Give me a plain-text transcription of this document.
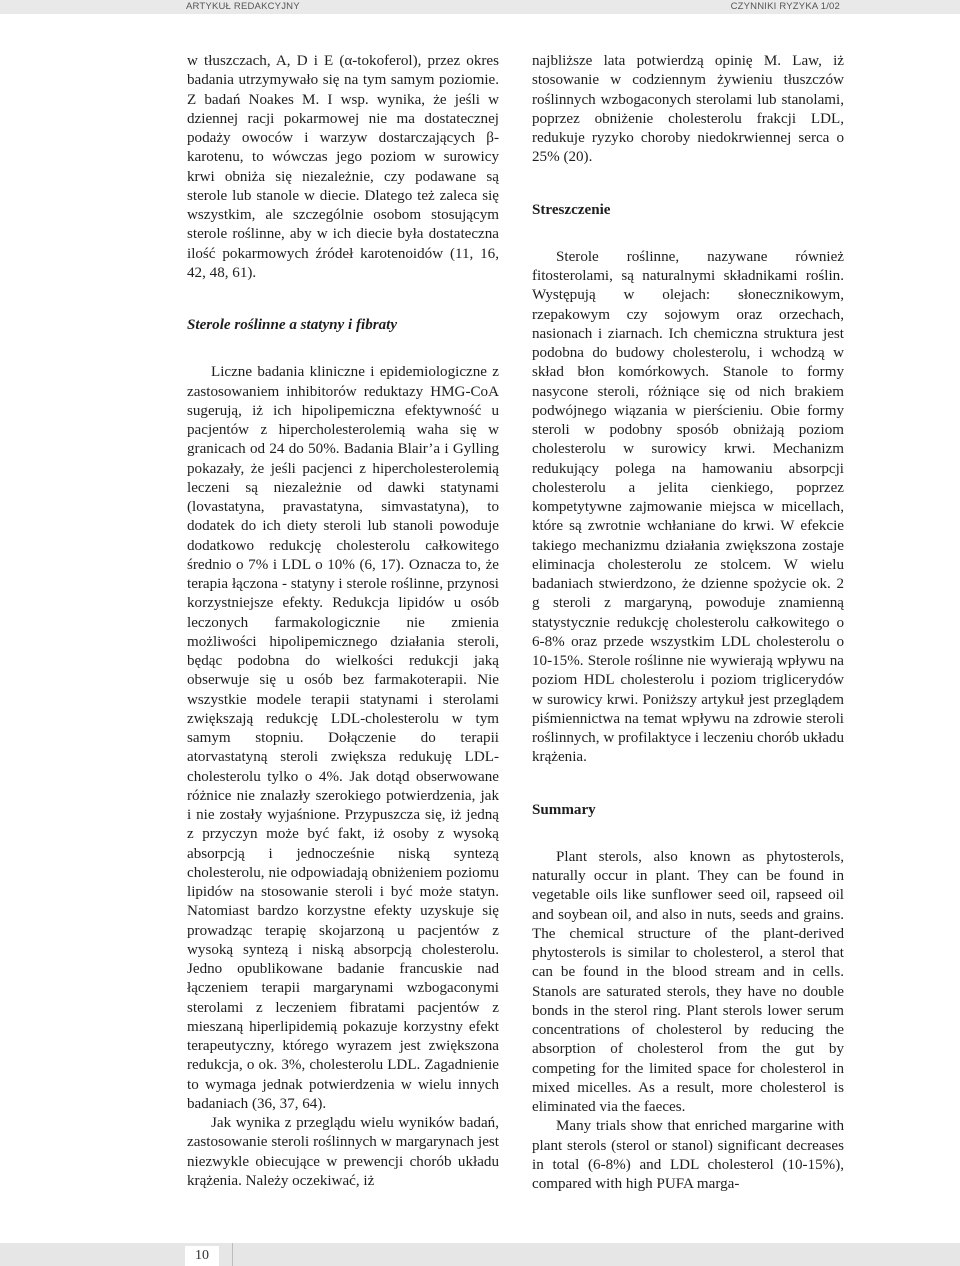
ARTYKUŁ REDAKCYJNY	CZYNNIKI RYZYKA 1/02

w tłuszczach, A, D i E (α-tokoferol), przez okres badania utrzymywało się na tym samym poziomie. Z badań Noakes M. I wsp. wynika, że jeśli w dziennej racji pokarmowej nie ma dostatecznej podaży owoców i warzyw dostarczających β-karotenu, to wówczas jego poziom w surowicy krwi obniża się niezależnie, czy podawane są sterole lub stanole w diecie. Dlatego też zaleca się wszystkim, ale szczególnie osobom stosującym sterole roślinne, aby w ich diecie była dostateczna ilość pokarmowych źródeł karotenoidów (11, 16, 42, 48, 61).

Sterole roślinne a statyny i fibraty

Liczne badania kliniczne i epidemiologiczne z zastosowaniem inhibitorów reduktazy HMG-CoA sugerują, iż ich hipolipemiczna efektywność u pacjentów z hipercholesterolemią waha się w granicach od 24 do 50%. Badania Blair’a i Gylling pokazały, że jeśli pacjenci z hipercholesterolemią leczeni są niezależnie od dawki statynami (lovastatyna, pravastatyna, simvastatyna), to dodatek do ich diety steroli lub stanoli powoduje dodatkowo redukcję cholesterolu całkowitego średnio o 7% i LDL o 10% (6, 17). Oznacza to, że terapia łączona - statyny i sterole roślinne, przynosi korzystniejsze efekty. Redukcja lipidów u osób leczonych farmakologicznie nie zmienia możliwości hipolipemicznego działania steroli, będąc podobna do wielkości redukcji jaką obserwuje się u osób bez farmakoterapii. Nie wszystkie modele terapii statynami i sterolami zwiększają redukcję LDL-cholesterolu w tym samym stopniu. Dołączenie do terapii atorvastatyną steroli zwiększa redukuję LDL-cholesterolu tylko o 4%. Jak dotąd obserwowane różnice nie znalazły szerokiego potwierdzenia, jak i nie zostały wyjaśnione. Przypuszcza się, iż jedną z przyczyn może być fakt, iż osoby z wysoką absorpcją i jednocześnie niską syntezą cholesterolu, nie odpowiadają obniżeniem poziomu lipidów na stosowanie steroli i być może statyn. Natomiast bardzo korzystne efekty uzyskuje się prowadząc terapię skojarzoną u pacjentów z wysoką syntezą i niską absorpcją cholesterolu. Jedno opublikowane badanie francuskie nad łączeniem terapii margarynami wzbogaconymi sterolami z leczeniem fibratami pacjentów z mieszaną hiperlipidemią pokazuje korzystny efekt terapeutyczny, którego wyrazem jest zwiększona redukcja, o ok. 3%, cholesterolu LDL. Zagadnienie to wymaga jednak potwierdzenia w wielu innych badaniach (36, 37, 64).

Jak wynika z przeglądu wielu wyników badań, zastosowanie steroli roślinnych w margarynach jest niezwykle obiecujące w prewencji chorób układu krążenia. Należy oczekiwać, iż

najbliższe lata potwierdzą opinię M. Law, iż stosowanie w codziennym żywieniu tłuszczów roślinnych wzbogaconych sterolami lub stanolami, poprzez obniżenie cholesterolu frakcji LDL, redukuje ryzyko choroby niedokrwiennej serca o 25% (20).

Streszczenie

Sterole roślinne, nazywane również fitosterolami, są naturalnymi składnikami roślin. Występują w olejach: słonecznikowym, rzepakowym czy sojowym oraz orzechach, nasionach i ziarnach. Ich chemiczna struktura jest podobna do budowy cholesterolu, i wchodzą w skład błon komórkowych. Stanole to formy nasycone steroli, różniące się od nich brakiem podwójnego wiązania w pierścieniu. Obie formy steroli w podobny sposób obniżają poziom cholesterolu w surowicy krwi. Mechanizm redukujący polega na hamowaniu absorpcji cholesterolu a jelita cienkiego, poprzez kompetytywne zajmowanie miejsca w micellach, które są zwrotnie wchłaniane do krwi. W efekcie takiego mechanizmu działania zwiększona zostaje eliminacja cholesterolu ze stolcem. W wielu badaniach stwierdzono, że dzienne spożycie ok. 2 g steroli z margaryną, powoduje znamienną statystycznie redukcję cholesterolu całkowitego o 6-8% oraz przede wszystkim LDL cholesterolu o 10-15%. Sterole roślinne nie wywierają wpływu na poziom HDL cholesterolu i poziom triglicerydów w surowicy krwi. Poniższy artykuł jest przeglądem piśmiennictwa na temat wpływu na zdrowie steroli roślinnych, w profilaktyce i leczeniu chorób układu krążenia.

Summary

Plant sterols, also known as phytosterols, naturally occur in plant. They can be found in vegetable oils like sunflower seed oil, rapseed oil and soybean oil, and also in nuts, seeds and grains. The chemical structure of the plant-derived phytosterols is similar to cholesterol, a sterol that can be found in the blood stream and in cells. Stanols are saturated sterols, they have no double bonds in the sterol ring. Plant sterols lower serum concentrations of cholesterol by reducing the absorption of cholesterol from the gut by competing for the limited space for cholesterol in mixed micelles. As a result, more cholesterol is eliminated via the faeces.

Many trials show that enriched margarine with plant sterols (sterol or stanol) significant decreases in total (6-8%) and LDL cholesterol (10-15%), compared with high PUFA marga-

10
